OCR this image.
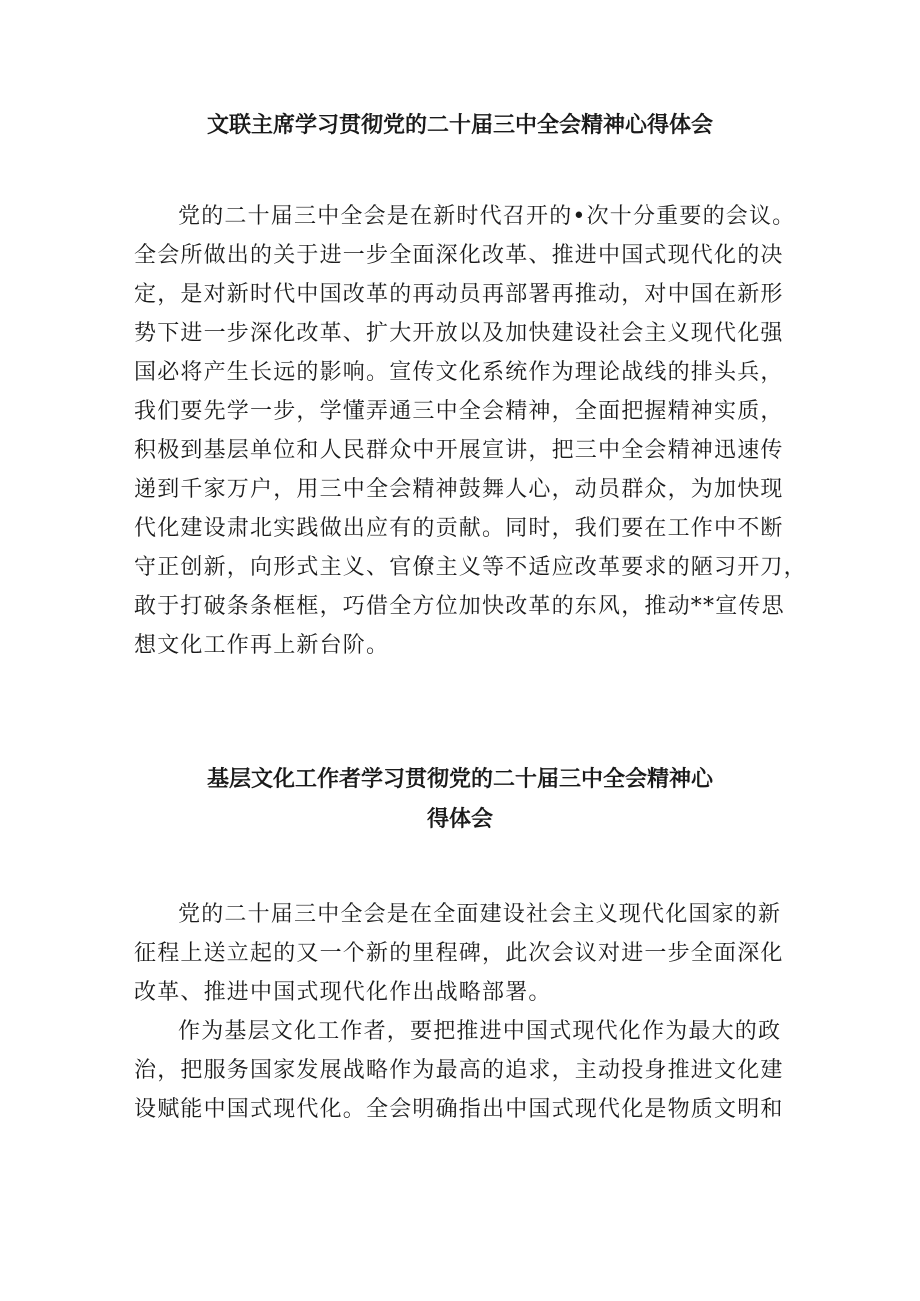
文联主席学习贯彻党的二十届三中全会精神心得体会
党的二十届三中全会是在新时代召开的•次十分重要的会议。
全会所做出的关于进一步全面深化改革、推进中国式现代化的决
定，是对新时代中国改革的再动员再部署再推动，对中国在新形
势下进一步深化改革、扩大开放以及加快建设社会主义现代化强
国必将产生长远的影响。宣传文化系统作为理论战线的排头兵，
我们要先学一步，学懂弄通三中全会精神，全面把握精神实质，
积极到基层单位和人民群众中开展宣讲，把三中全会精神迅速传
递到千家万户，用三中全会精神鼓舞人心，动员群众，为加快现
代化建设肃北实践做出应有的贡献。同时，我们要在工作中不断
守正创新，向形式主义、官僚主义等不适应改革要求的陋习开刀，
敢于打破条条框框，巧借全方位加快改革的东风，推动**宣传思
想文化工作再上新台阶。
基层文化工作者学习贯彻党的二十届三中全会精神心
得体会
党的二十届三中全会是在全面建设社会主义现代化国家的新
征程上送立起的又一个新的里程碑，此次会议对进一步全面深化
改革、推进中国式现代化作出战略部署。
作为基层文化工作者，要把推进中国式现代化作为最大的政
治，把服务国家发展战略作为最高的追求，主动投身推进文化建
设赋能中国式现代化。全会明确指出中国式现代化是物质文明和
